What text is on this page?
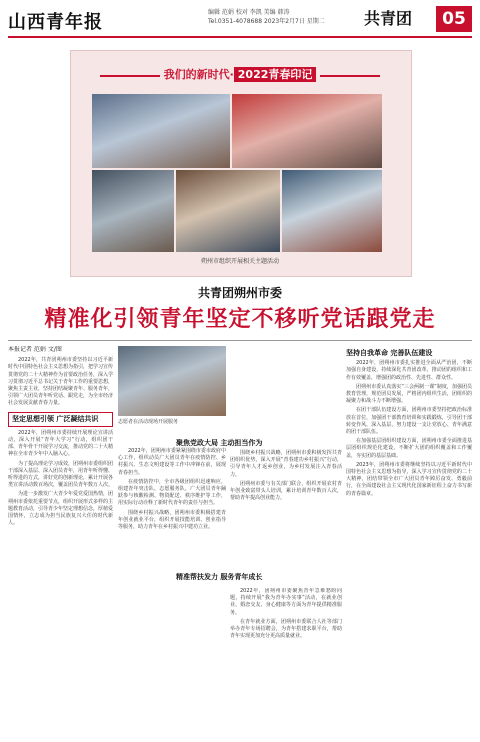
山西青年报	编辑 范娟 校对 李凯 美编 韩涛
Tel.0351-4078688 2023年2月7日 星期二	共青团	05
我们的新时代· 2022青春印记
朔州市组织开展相关主题活动
共青团朔州市委
精准化引领青年坚定不移听党话跟党走
本报记者 范娟 文/图

2022年，共青团朔州市委坚持以习近平新时代中国特色社会主义思想为指引，把学习宣传贯彻党的二十大精神作为首要政治任务，深入学习贯彻习近平总书记关于青年工作的重要思想，聚焦主责主业，坚持团结凝聚青年、服务青年，引领广大团员青年听党话、跟党走，为全市经济社会发展贡献青春力量。

坚定思想引领 广泛凝结共识

2022年，团朔州市委持续开展理论宣讲活动，深入开展“青年大学习”行动，组织团干部、青年骨干开展学习交流，推动党的二十大精神在全市青少年中入脑入心。

为了提高理论学习成效，团朔州市委组织团干部深入基层、深入团员青年，用青年听得懂、听得进的方式，讲好党的创新理论，累计开展各类宣讲活动数百场次，覆盖团员青年数万人次。

为进一步激发广大青少年爱党爱国热情，团朔州市委依托重要节点，组织开展形式多样的主题教育活动，引导青少年坚定理想信念，厚植爱国情怀，立志成为担当民族复兴大任的时代新人。

志愿者在活动现场开展服务
聚焦党政大局 主动担当作为

2022年，团朔州市委紧紧围绕市委市政府中心工作，组织动员广大团员青年在疫情防控、乡村振兴、生态文明建设等工作中冲锋在前，展现青春担当。

在疫情防控中，全市各级团组织迅速响应，组建青年突击队、志愿服务队，广大团员青年踊跃参与核酸检测、物资配送、秩序维护等工作，用实际行动诠释了新时代青年的责任与担当。

围绕乡村振兴战略，团朔州市委积极搭建青年创业就业平台，组织开展技能培训、创业指导等服务，助力青年在乡村振兴中建功立业。

围绕乡村振兴战略，团朔州市委积极发挥共青团组织优势，深入开展“青春建功乡村振兴”行动，引导青年人才返乡创业，为乡村发展注入青春活力。

团朔州市委与有关部门联合，组织开展农村青年创业致富带头人培训，累计培训青年数百人次，帮助青年提高创业能力。

精准帮扶发力 服务青年成长

2022年，团朔州市委聚焦青年急难愁盼问题，持续开展“我为青年办实事”活动，在就业创业、婚恋交友、身心健康等方面为青年提供精准服务。

在青年就业方面，团朔州市委联合人社等部门举办青年专场招聘会，为青年搭建求职平台，帮助青年实现更加充分更高质量就业。

坚持自我革命 完善队伍建设

2022年，团朔州市委扎实推进全面从严治团，不断加强自身建设，持续深化共青团改革，推动团的组织和工作有效覆盖，增强团的政治性、先进性、群众性。

团朔州市委认真落实“三会两制一课”制度，加强团员教育管理，规范团员发展，严格团内组织生活，团组织的凝聚力和战斗力不断增强。

在团干部队伍建设方面，团朔州市委坚持把政治标准放在首位，加强团干部教育培训和实践锻炼，引导团干部转变作风、深入基层，努力建设一支让党放心、青年满意的团干部队伍。

在加强基层团组织建设方面，团朔州市委全面推进基层团组织规范化建设，不断扩大团的组织覆盖和工作覆盖，夯实团的基层基础。

2023年，团朔州市委将继续坚持以习近平新时代中国特色社会主义思想为指导，深入学习宣传贯彻党的二十大精神，团结带领全市广大团员青年踔厉奋发、勇毅前行，在全面建设社会主义现代化国家新征程上奋力书写新的青春篇章。
